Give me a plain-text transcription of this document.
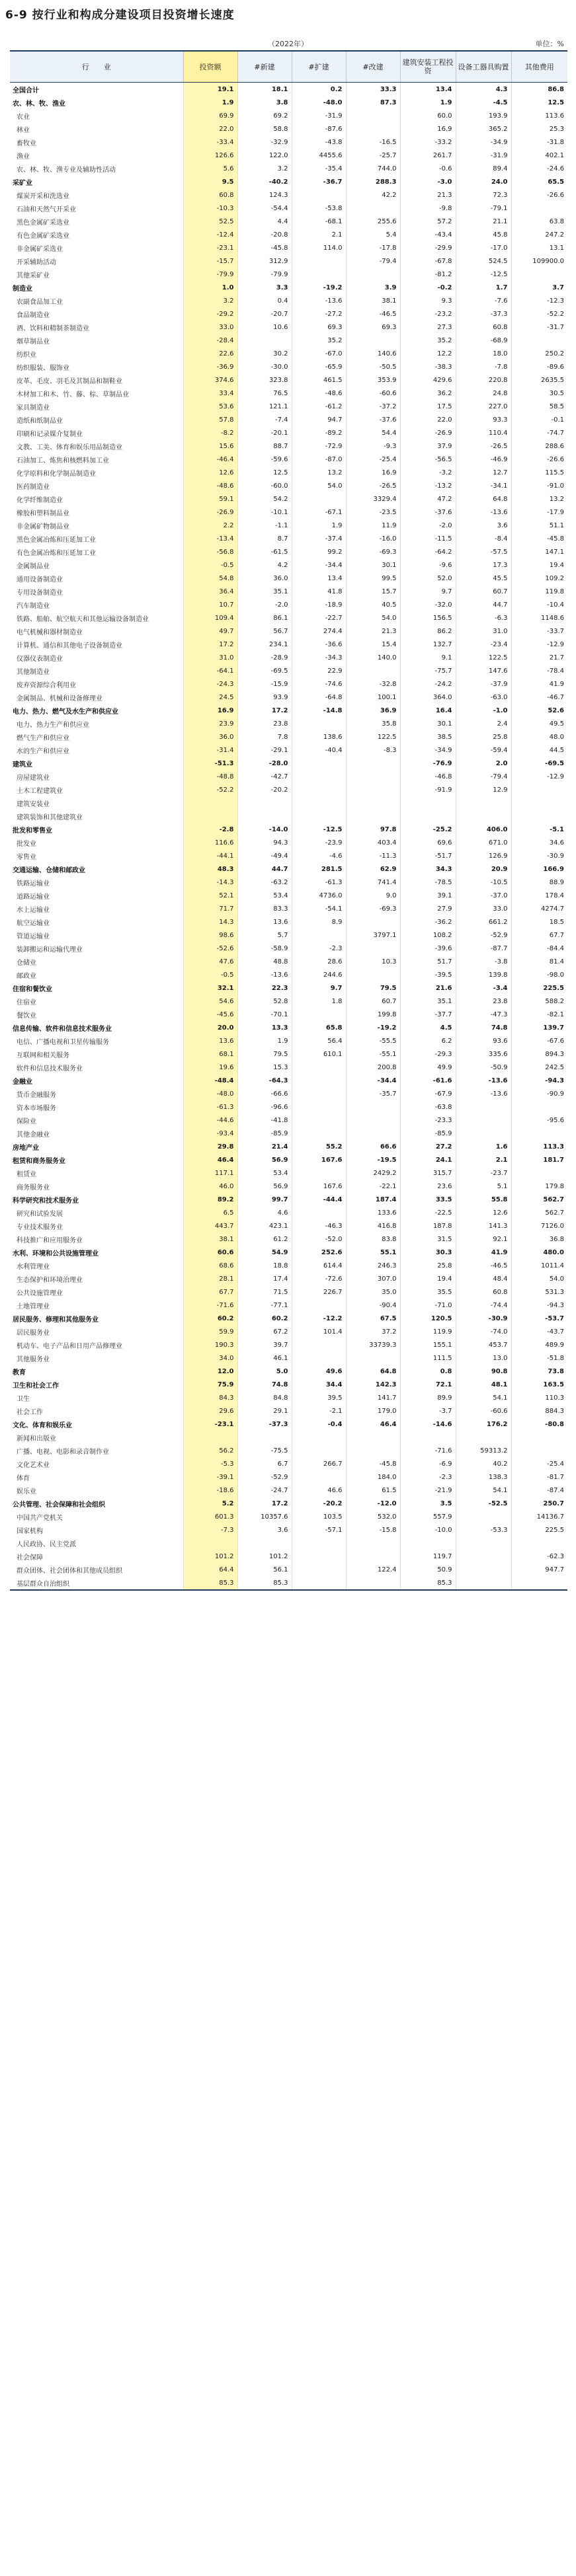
6-9 按行业和构成分建设项目投资增长速度
（2022年）	单位：%
行　　业	投资额	#新建	#扩建	#改建	建筑安装工程投资	设备工器具购置	其他费用
全国合计	19.1	18.1	0.2	33.3	13.4	4.3	86.8
农、林、牧、渔业	1.9	3.8	-48.0	87.3	1.9	-4.5	12.5
农业	69.9	69.2	-31.9		60.0	193.9	113.6
林业	22.0	58.8	-87.6		16.9	365.2	25.3
畜牧业	-33.4	-32.9	-43.8	-16.5	-33.2	-34.9	-31.8
渔业	126.6	122.0	4455.6	-25.7	261.7	-31.9	402.1
农、林、牧、渔专业及辅助性活动	5.6	3.2	-35.4	744.0	-0.6	89.4	-24.6
采矿业	9.5	-40.2	-36.7	288.3	-3.0	24.0	65.5
煤炭开采和洗选业	60.8	124.3		42.2	21.3	72.3	-26.6
石油和天然气开采业	-10.3	-54.4	-53.8		-9.8	-79.1	
黑色金属矿采选业	52.5	4.4	-68.1	255.6	57.2	21.1	63.8
有色金属矿采选业	-12.4	-20.8	2.1	5.4	-43.4	45.8	247.2
非金属矿采选业	-23.1	-45.8	114.0	-17.8	-29.9	-17.0	13.1
开采辅助活动	-15.7	312.9		-79.4	-67.8	524.5	109900.0
其他采矿业	-79.9	-79.9			-81.2	-12.5	
制造业	1.0	3.3	-19.2	3.9	-0.2	1.7	3.7
农副食品加工业	3.2	0.4	-13.6	38.1	9.3	-7.6	-12.3
食品制造业	-29.2	-20.7	-27.2	-46.5	-23.2	-37.3	-52.2
酒、饮料和精制茶制造业	33.0	10.6	69.3	69.3	27.3	60.8	-31.7
烟草制品业	-28.4		35.2		35.2	-68.9	
纺织业	22.6	30.2	-67.0	140.6	12.2	18.0	250.2
纺织服装、服饰业	-36.9	-30.0	-65.9	-50.5	-38.3	-7.8	-89.6
皮革、毛皮、羽毛及其制品和制鞋业	374.6	323.8	461.5	353.9	429.6	220.8	2635.5
木材加工和木、竹、藤、棕、草制品业	33.4	76.5	-48.6	-60.6	36.2	24.8	30.5
家具制造业	53.6	121.1	-61.2	-37.2	17.5	227.0	58.5
造纸和纸制品业	57.8	-7.4	94.7	-37.6	22.0	93.3	-0.1
印刷和记录媒介复制业	-8.2	-20.1	-89.2	54.4	-26.9	110.4	-74.7
文教、工美、体育和娱乐用品制造业	15.6	88.7	-72.9	-9.3	37.9	-26.5	288.6
石油加工、炼焦和核燃料加工业	-46.4	-59.6	-87.0	-25.4	-56.5	-46.9	-26.6
化学原料和化学制品制造业	12.6	12.5	13.2	16.9	-3.2	12.7	115.5
医药制造业	-48.6	-60.0	54.0	-26.5	-13.2	-34.1	-91.0
化学纤维制造业	59.1	54.2		3329.4	47.2	64.8	13.2
橡胶和塑料制品业	-26.9	-10.1	-67.1	-23.5	-37.6	-13.6	-17.9
非金属矿物制品业	2.2	-1.1	1.9	11.9	-2.0	3.6	51.1
黑色金属冶炼和压延加工业	-13.4	8.7	-37.4	-16.0	-11.5	-8.4	-45.8
有色金属冶炼和压延加工业	-56.8	-61.5	99.2	-69.3	-64.2	-57.5	147.1
金属制品业	-0.5	4.2	-34.4	30.1	-9.6	17.3	19.4
通用设备制造业	54.8	36.0	13.4	99.5	52.0	45.5	109.2
专用设备制造业	36.4	35.1	41.8	15.7	9.7	60.7	119.8
汽车制造业	10.7	-2.0	-18.9	40.5	-32.0	44.7	-10.4
铁路、船舶、航空航天和其他运输设备制造业	109.4	86.1	-22.7	54.0	156.5	-6.3	1148.6
电气机械和器材制造业	49.7	56.7	274.4	21.3	86.2	31.0	-33.7
计算机、通信和其他电子设备制造业	17.2	234.1	-36.6	15.4	132.7	-23.4	-12.9
仪器仪表制造业	31.0	-28.9	-34.3	140.0	9.1	122.5	21.7
其他制造业	-64.1	-69.5	22.9		-75.7	147.6	-78.4
废弃资源综合利用业	-24.3	-15.9	-74.6	-32.8	-24.2	-37.9	41.9
金属制品、机械和设备修理业	24.5	93.9	-64.8	100.1	364.0	-63.0	-46.7
电力、热力、燃气及水生产和供应业	16.9	17.2	-14.8	36.9	16.4	-1.0	52.6
电力、热力生产和供应业	23.9	23.8		35.8	30.1	2.4	49.5
燃气生产和供应业	36.0	7.8	138.6	122.5	38.5	25.8	48.0
水的生产和供应业	-31.4	-29.1	-40.4	-8.3	-34.9	-59.4	44.5
建筑业	-51.3	-28.0			-76.9	2.0	-69.5
房屋建筑业	-48.8	-42.7			-46.8	-79.4	-12.9
土木工程建筑业	-52.2	-20.2			-91.9	12.9	
建筑安装业							
建筑装饰和其他建筑业							
批发和零售业	-2.8	-14.0	-12.5	97.8	-25.2	406.0	-5.1
批发业	116.6	94.3	-23.9	403.4	69.6	671.0	34.6
零售业	-44.1	-49.4	-4.6	-11.3	-51.7	126.9	-30.9
交通运输、仓储和邮政业	48.3	44.7	281.5	62.9	34.3	20.9	166.9
铁路运输业	-14.3	-63.2	-61.3	741.4	-78.5	-10.5	88.9
道路运输业	52.1	53.4	4736.0	9.0	39.1	-37.0	178.4
水上运输业	71.7	83.3	-54.1	-69.3	27.9	33.0	4274.7
航空运输业	14.3	13.6	8.9		-36.2	661.2	18.5
管道运输业	98.6	5.7		3797.1	108.2	-52.9	67.7
装卸搬运和运输代理业	-52.6	-58.9	-2.3		-39.6	-87.7	-84.4
仓储业	47.6	48.8	28.6	10.3	51.7	-3.8	81.4
邮政业	-0.5	-13.6	244.6		-39.5	139.8	-98.0
住宿和餐饮业	32.1	22.3	9.7	79.5	21.6	-3.4	225.5
住宿业	54.6	52.8	1.8	60.7	35.1	23.8	588.2
餐饮业	-45.6	-70.1		199.8	-37.7	-47.3	-82.1
信息传输、软件和信息技术服务业	20.0	13.3	65.8	-19.2	4.5	74.8	139.7
电信、广播电视和卫星传输服务	13.6	1.9	56.4	-55.5	6.2	93.6	-67.6
互联网和相关服务	68.1	79.5	610.1	-55.1	-29.3	335.6	894.3
软件和信息技术服务业	19.6	15.3		200.8	49.9	-50.9	242.5
金融业	-48.4	-64.3		-34.4	-61.6	-13.6	-94.3
货币金融服务	-48.0	-66.6		-35.7	-67.9	-13.6	-90.9
资本市场服务	-61.3	-96.6			-63.8		
保险业	-44.6	-41.8			-23.3		-95.6
其他金融业	-93.4	-85.9			-85.9		
房地产业	29.8	21.4	55.2	66.6	27.2	1.6	113.3
租赁和商务服务业	46.4	56.9	167.6	-19.5	24.1	2.1	181.7
租赁业	117.1	53.4		2429.2	315.7	-23.7	
商务服务业	46.0	56.9	167.6	-22.1	23.6	5.1	179.8
科学研究和技术服务业	89.2	99.7	-44.4	187.4	33.5	55.8	562.7
研究和试验发展	6.5	4.6		133.6	-22.5	12.6	562.7
专业技术服务业	443.7	423.1	-46.3	416.8	187.8	141.3	7126.0
科技推广和应用服务业	38.1	61.2	-52.0	83.8	31.5	92.1	36.8
水利、环境和公共设施管理业	60.6	54.9	252.6	55.1	30.3	41.9	480.0
水利管理业	68.6	18.8	614.4	246.3	25.8	-46.5	1011.4
生态保护和环境治理业	28.1	17.4	-72.6	307.0	19.4	48.4	54.0
公共设施管理业	67.7	71.5	226.7	35.0	35.5	60.8	531.3
土地管理业	-71.6	-77.1		-90.4	-71.0	-74.4	-94.3
居民服务、修理和其他服务业	60.2	60.2	-12.2	67.5	120.5	-30.9	-53.7
居民服务业	59.9	67.2	101.4	37.2	119.9	-74.0	-43.7
机动车、电子产品和日用产品修理业	190.3	39.7		33739.3	155.1	453.7	489.9
其他服务业	34.0	46.1			111.5	13.0	-51.8
教育	12.0	5.0	49.6	64.8	0.8	90.8	73.8
卫生和社会工作	75.9	74.8	34.4	142.3	72.1	48.1	163.5
卫生	84.3	84.8	39.5	141.7	89.9	54.1	110.3
社会工作	29.6	29.1	-2.1	179.0	-3.7	-60.6	884.3
文化、体育和娱乐业	-23.1	-37.3	-0.4	46.4	-14.6	176.2	-80.8
新闻和出版业							
广播、电视、电影和录音制作业	56.2	-75.5			-71.6	59313.2	
文化艺术业	-5.3	6.7	266.7	-45.8	-6.9	40.2	-25.4
体育	-39.1	-52.9		184.0	-2.3	138.3	-81.7
娱乐业	-18.6	-24.7	46.6	61.5	-21.9	54.1	-87.4
公共管理、社会保障和社会组织	5.2	17.2	-20.2	-12.0	3.5	-52.5	250.7
中国共产党机关	601.3	10357.6	103.5	532.0	557.9		14136.7
国家机构	-7.3	3.6	-57.1	-15.8	-10.0	-53.3	225.5
人民政协、民主党派							
社会保障	101.2	101.2			119.7		-62.3
群众团体、社会团体和其他成员组织	64.4	56.1		122.4	50.9		947.7
基层群众自治组织	85.3	85.3			85.3		
